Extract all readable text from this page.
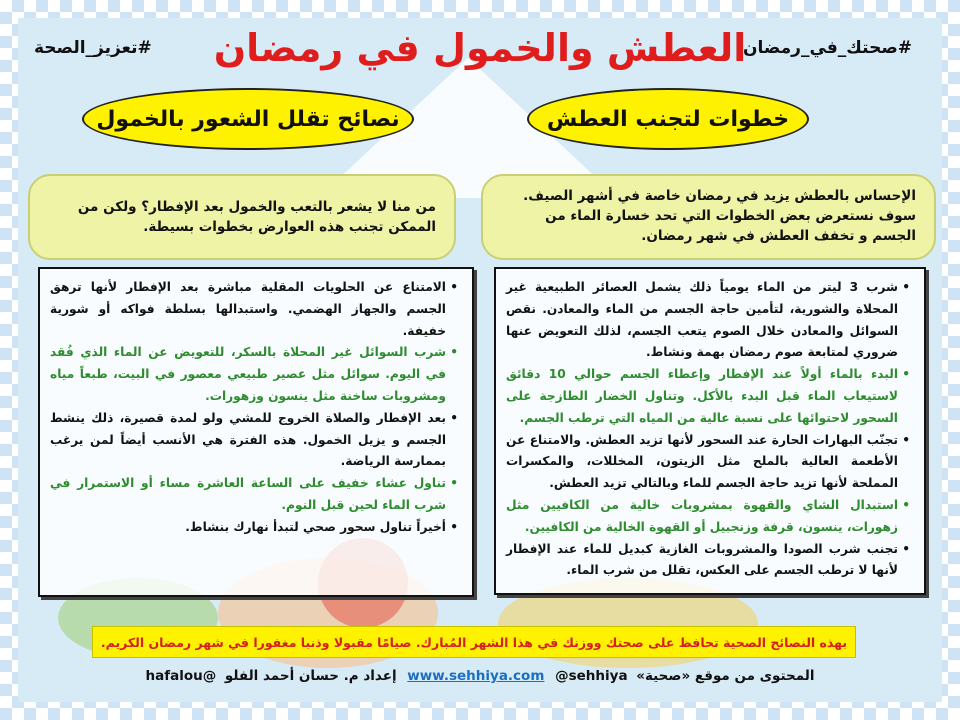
#صحتك_في_رمضان
العطش والخمول في رمضان
#تعزيز_الصحة
خطوات لتجنب العطش
نصائح تقلل الشعور بالخمول
الإحساس بالعطش يزيد في رمضان خاصة في أشهر الصيف. سوف نستعرض بعض الخطوات التي تحد خسارة الماء من الجسم و تخفف العطش في شهر رمضان.
من منا لا يشعر بالتعب والخمول بعد الإفطار؟ ولكن من الممكن تجنب هذه العوارض بخطوات بسيطة.
• شرب 3 ليتر من الماء يومياً ذلك يشمل العصائر الطبيعية غير المحلاة والشورية، لتأمين حاجة الجسم من الماء والمعادن. نقص السوائل والمعادن خلال الصوم يتعب الجسم، لذلك التعويض عنها ضروري لمتابعة صوم رمضان بهمة ونشاط.
• البدء بالماء أولاً عند الإفطار وإعطاء الجسم حوالي 10 دقائق لاستيعاب الماء قبل البدء بالأكل. وتناول الخضار الطازجة على السحور لاحتوائها على نسبة عالية من المياه التي ترطب الجسم.
• تجنّب البهارات الحارة عند السحور لأنها تزيد العطش. والامتناع عن الأطعمة العالية بالملح مثل الزيتون، المخللات، والمكسرات المملحة لأنها تزيد حاجة الجسم للماء وبالتالي تزيد العطش.
• استبدال الشاي والقهوة بمشروبات خالية من الكافيين مثل زهورات، ينسون، قرفة وزنجبيل أو القهوة الخالية من الكافيين.
• تجنب شرب الصودا والمشروبات الغازية كبديل للماء عند الإفطار لأنها لا ترطب الجسم على العكس، تقلل من شرب الماء.
• الامتناع عن الحلويات المقلية مباشرة بعد الإفطار لأنها ترهق الجسم والجهاز الهضمي. واستبدالها بسلطة فواكه أو شورية خفيفة.
• شرب السوائل غير المحلاة بالسكر، للتعويض عن الماء الذي فُقد في اليوم. سوائل مثل عصير طبيعي معصور في البيت، طبعاً مياه ومشروبات ساخنة مثل ينسون وزهورات.
• بعد الإفطار والصلاة الخروج للمشي ولو لمدة قصيرة، ذلك ينشط الجسم و يزيل الخمول. هذه الفترة هي الأنسب أيضاً لمن يرغب بممارسة الرياضة.
• تناول عشاء خفيف على الساعة العاشرة مساء أو الاستمرار في شرب الماء لحين قبل النوم.
• أخيراً تناول سحور صحي لتبدأ نهارك بنشاط.
بهذه النصائح الصحية تحافظ على صحتك ووزنك في هذا الشهر المُبارك. صيامًا مقبولا وذنبا مغفورا في شهر رمضان الكريم.
المحتوى من موقع «صحية» www.sehhiya.com @sehhiya إعداد م. حسان أحمد الفلو @hafalou
